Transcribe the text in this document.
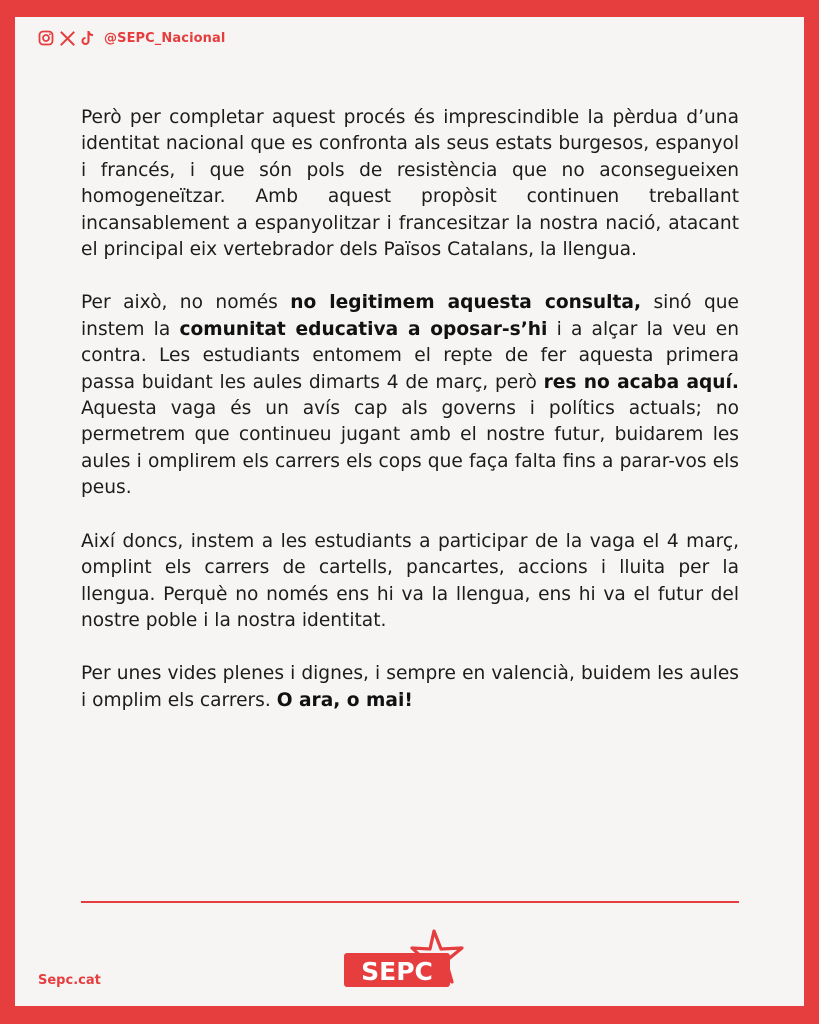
@SEPC_Nacional

Però per completar aquest procés és imprescindible la pèrdua d’una identitat nacional que es confronta als seus estats burgesos, espanyol i francés, i que són pols de resistència que no aconsegueixen homogeneïtzar. Amb aquest propòsit continuen treballant incansablement a espanyolitzar i francesitzar la nostra nació, atacant el principal eix vertebrador dels Països Catalans, la llengua.

Per això, no només no legitimem aquesta consulta, sinó que instem la comunitat educativa a oposar-s’hi i a alçar la veu en contra. Les estudiants entomem el repte de fer aquesta primera passa buidant les aules dimarts 4 de març, però res no acaba aquí. Aquesta vaga és un avís cap als governs i polítics actuals; no permetrem que continueu jugant amb el nostre futur, buidarem les aules i omplirem els carrers els cops que faça falta fins a parar-vos els peus.

Així doncs, instem a les estudiants a participar de la vaga el 4 març, omplint els carrers de cartells, pancartes, accions i lluita per la llengua. Perquè no només ens hi va la llengua, ens hi va el futur del nostre poble i la nostra identitat.

Per unes vides plenes i dignes, i sempre en valencià, buidem les aules i omplim els carrers. O ara, o mai!

Sepc.cat	SEPC
